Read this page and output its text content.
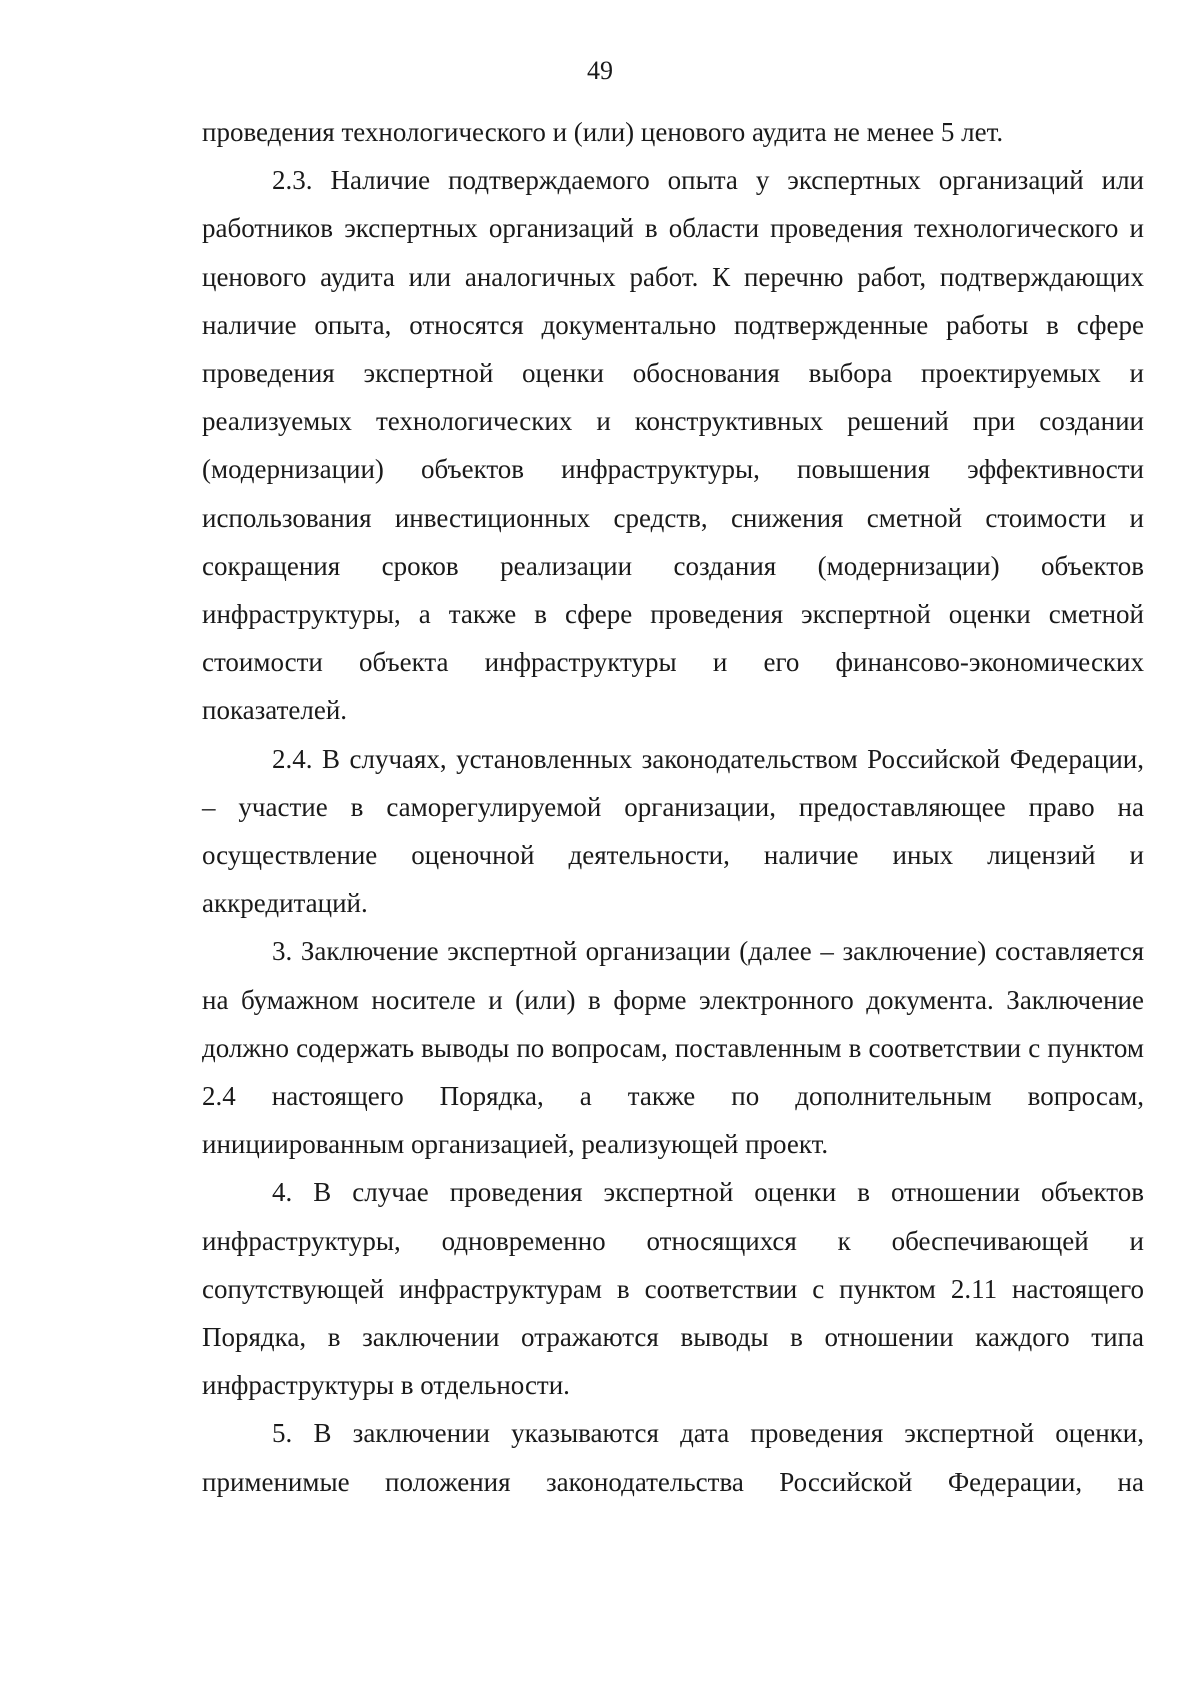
49

проведения технологического и (или) ценового аудита не менее 5 лет.

2.3. Наличие подтверждаемого опыта у экспертных организаций или работников экспертных организаций в области проведения технологического и ценового аудита или аналогичных работ. К перечню работ, подтверждающих наличие опыта, относятся документально подтвержденные работы в сфере проведения экспертной оценки обоснования выбора проектируемых и реализуемых технологических и конструктивных решений при создании (модернизации) объектов инфраструктуры, повышения эффективности использования инвестиционных средств, снижения сметной стоимости и сокращения сроков реализации создания (модернизации) объектов инфраструктуры, а также в сфере проведения экспертной оценки сметной стоимости объекта инфраструктуры и его финансово-экономических показателей.

2.4. В случаях, установленных законодательством Российской Федерации, – участие в саморегулируемой организации, предоставляющее право на осуществление оценочной деятельности, наличие иных лицензий и аккредитаций.

3. Заключение экспертной организации (далее – заключение) составляется на бумажном носителе и (или) в форме электронного документа. Заключение должно содержать выводы по вопросам, поставленным в соответствии с пунктом 2.4 настоящего Порядка, а также по дополнительным вопросам, инициированным организацией, реализующей проект.

4. В случае проведения экспертной оценки в отношении объектов инфраструктуры, одновременно относящихся к обеспечивающей и сопутствующей инфраструктурам в соответствии с пунктом 2.11 настоящего Порядка, в заключении отражаются выводы в отношении каждого типа инфраструктуры в отдельности.

5. В заключении указываются дата проведения экспертной оценки, применимые положения законодательства Российской Федерации, на
